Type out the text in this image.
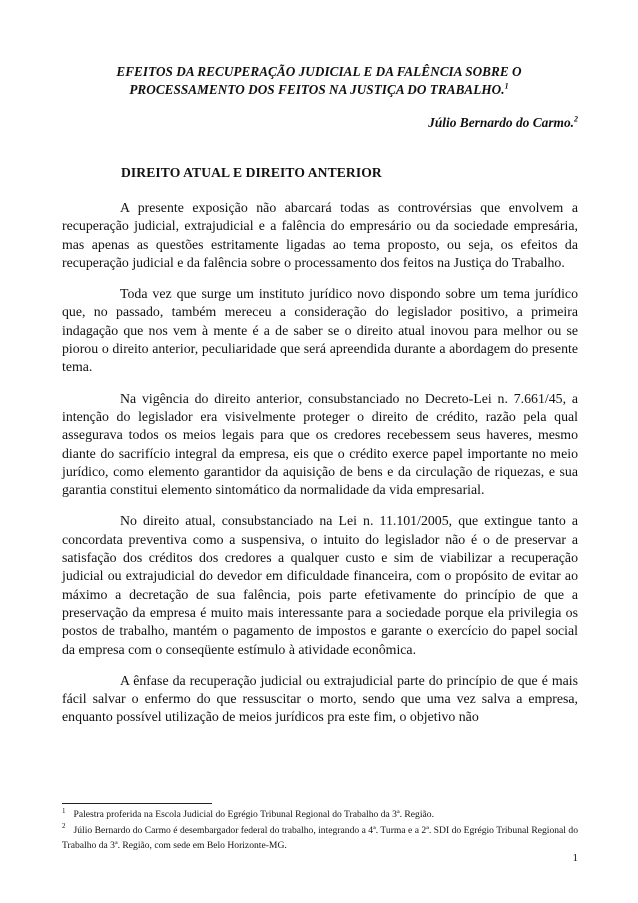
EFEITOS DA RECUPERAÇÃO JUDICIAL E DA FALÊNCIA SOBRE O
PROCESSAMENTO DOS FEITOS NA JUSTIÇA DO TRABALHO.$^1$
Júlio Bernardo do Carmo.$^2$
DIREITO ATUAL E DIREITO ANTERIOR

A presente exposição não abarcará todas as controvérsias que envolvem a recuperação judicial, extrajudicial e a falência do empresário ou da sociedade empresária, mas apenas as questões estritamente ligadas ao tema proposto, ou seja, os efeitos da recuperação judicial e da falência sobre o processamento dos feitos na Justiça do Trabalho.

Toda vez que surge um instituto jurídico novo dispondo sobre um tema jurídico que, no passado, também mereceu a consideração do legislador positivo, a primeira indagação que nos vem à mente é a de saber se o direito atual inovou para melhor ou se piorou o direito anterior, peculiaridade que será apreendida durante a abordagem do presente tema.

Na vigência do direito anterior, consubstanciado no Decreto-Lei n. 7.661/45, a intenção do legislador era visivelmente proteger o direito de crédito, razão pela qual assegurava todos os meios legais para que os credores recebessem seus haveres, mesmo diante do sacrifício integral da empresa, eis que o crédito exerce papel importante no meio jurídico, como elemento garantidor da aquisição de bens e da circulação de riquezas, e sua garantia constitui elemento sintomático da normalidade da vida empresarial.

No direito atual, consubstanciado na Lei n. 11.101/2005, que extingue tanto a concordata preventiva como a suspensiva, o intuito do legislador não é o de preservar a satisfação dos créditos dos credores a qualquer custo e sim de viabilizar a recuperação judicial ou extrajudicial do devedor em dificuldade financeira, com o propósito de evitar ao máximo a decretação de sua falência, pois parte efetivamente do princípio de que a preservação da empresa é muito mais interessante para a sociedade porque ela privilegia os postos de trabalho, mantém o pagamento de impostos e garante o exercício do papel social da empresa com o conseqüente estímulo à atividade econômica.

A ênfase da recuperação judicial ou extrajudicial parte do princípio de que é mais fácil salvar o enfermo do que ressuscitar o morto, sendo que uma vez salva a empresa, enquanto possível utilização de meios jurídicos pra este fim, o objetivo não

$^1$ Palestra proferida na Escola Judicial do Egrégio Tribunal Regional do Trabalho da 3ª. Região.

$^2$ Júlio Bernardo do Carmo é desembargador federal do trabalho, integrando a 4ª. Turma e a 2ª. SDI do Egrégio Tribunal Regional do Trabalho da 3ª. Região, com sede em Belo Horizonte-MG.

1
